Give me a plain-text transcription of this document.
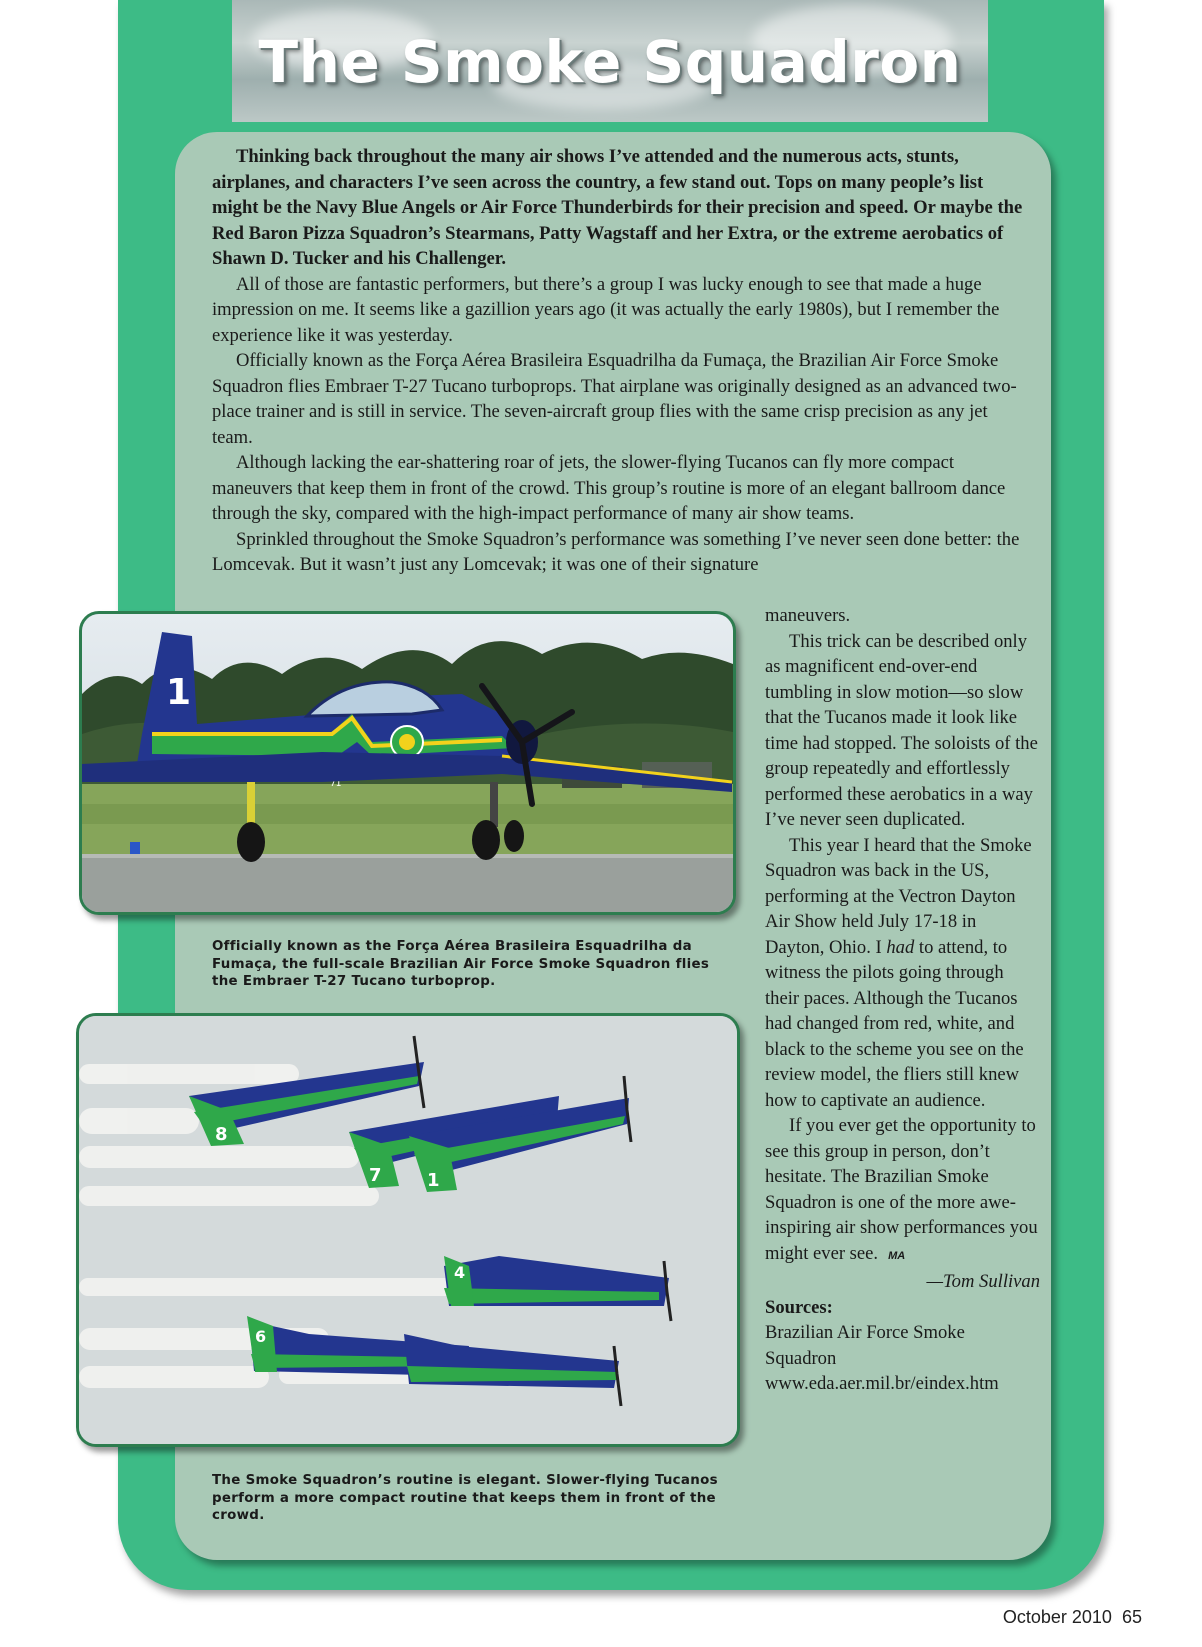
The Smoke Squadron

Thinking back throughout the many air shows I’ve attended and the numerous acts, stunts, airplanes, and characters I’ve seen across the country, a few stand out. Tops on many people’s list might be the Navy Blue Angels or Air Force Thunderbirds for their precision and speed. Or maybe the Red Baron Pizza Squadron’s Stearmans, Patty Wagstaff and her Extra, or the extreme aerobatics of Shawn D. Tucker and his Challenger.

All of those are fantastic performers, but there’s a group I was lucky enough to see that made a huge impression on me. It seems like a gazillion years ago (it was actually the early 1980s), but I remember the experience like it was yesterday.

Officially known as the Força Aérea Brasileira Esquadrilha da Fumaça, the Brazilian Air Force Smoke Squadron flies Embraer T-27 Tucano turboprops. That airplane was originally designed as an advanced two-place trainer and is still in service. The seven-aircraft group flies with the same crisp precision as any jet team.

Although lacking the ear-shattering roar of jets, the slower-flying Tucanos can fly more compact maneuvers that keep them in front of the crowd. This group’s routine is more of an elegant ballroom dance through the sky, compared with the high-impact performance of many air show teams.

Sprinkled throughout the Smoke Squadron’s performance was something I’ve never seen done better: the Lomcevak. But it wasn’t just any Lomcevak; it was one of their signature

maneuvers.

This trick can be described only as magnificent end-over-end tumbling in slow motion—so slow that the Tucanos made it look like time had stopped. The soloists of the group repeatedly and effortlessly performed these aerobatics in a way I’ve never seen duplicated.

This year I heard that the Smoke Squadron was back in the US, performing at the Vectron Dayton Air Show held July 17-18 in Dayton, Ohio. I had to attend, to witness the pilots going through their paces. Although the Tucanos had changed from red, white, and black to the scheme you see on the review model, the fliers still knew how to captivate an audience.

If you ever get the opportunity to see this group in person, don’t hesitate. The Brazilian Smoke Squadron is one of the more awe-inspiring air show performances you might ever see. MA

—Tom Sullivan

Sources:

Brazilian Air Force Smoke Squadron

www.eda.aer.mil.br/eindex.htm

1
71
Officially known as the Força Aérea Brasileira Esquadrilha da Fumaça, the full-scale Brazilian Air Force Smoke Squadron flies the Embraer T-27 Tucano turboprop.
8
7	1
4
6
The Smoke Squadron’s routine is elegant. Slower-flying Tucanos perform a more compact routine that keeps them in front of the crowd.
October 2010 65
